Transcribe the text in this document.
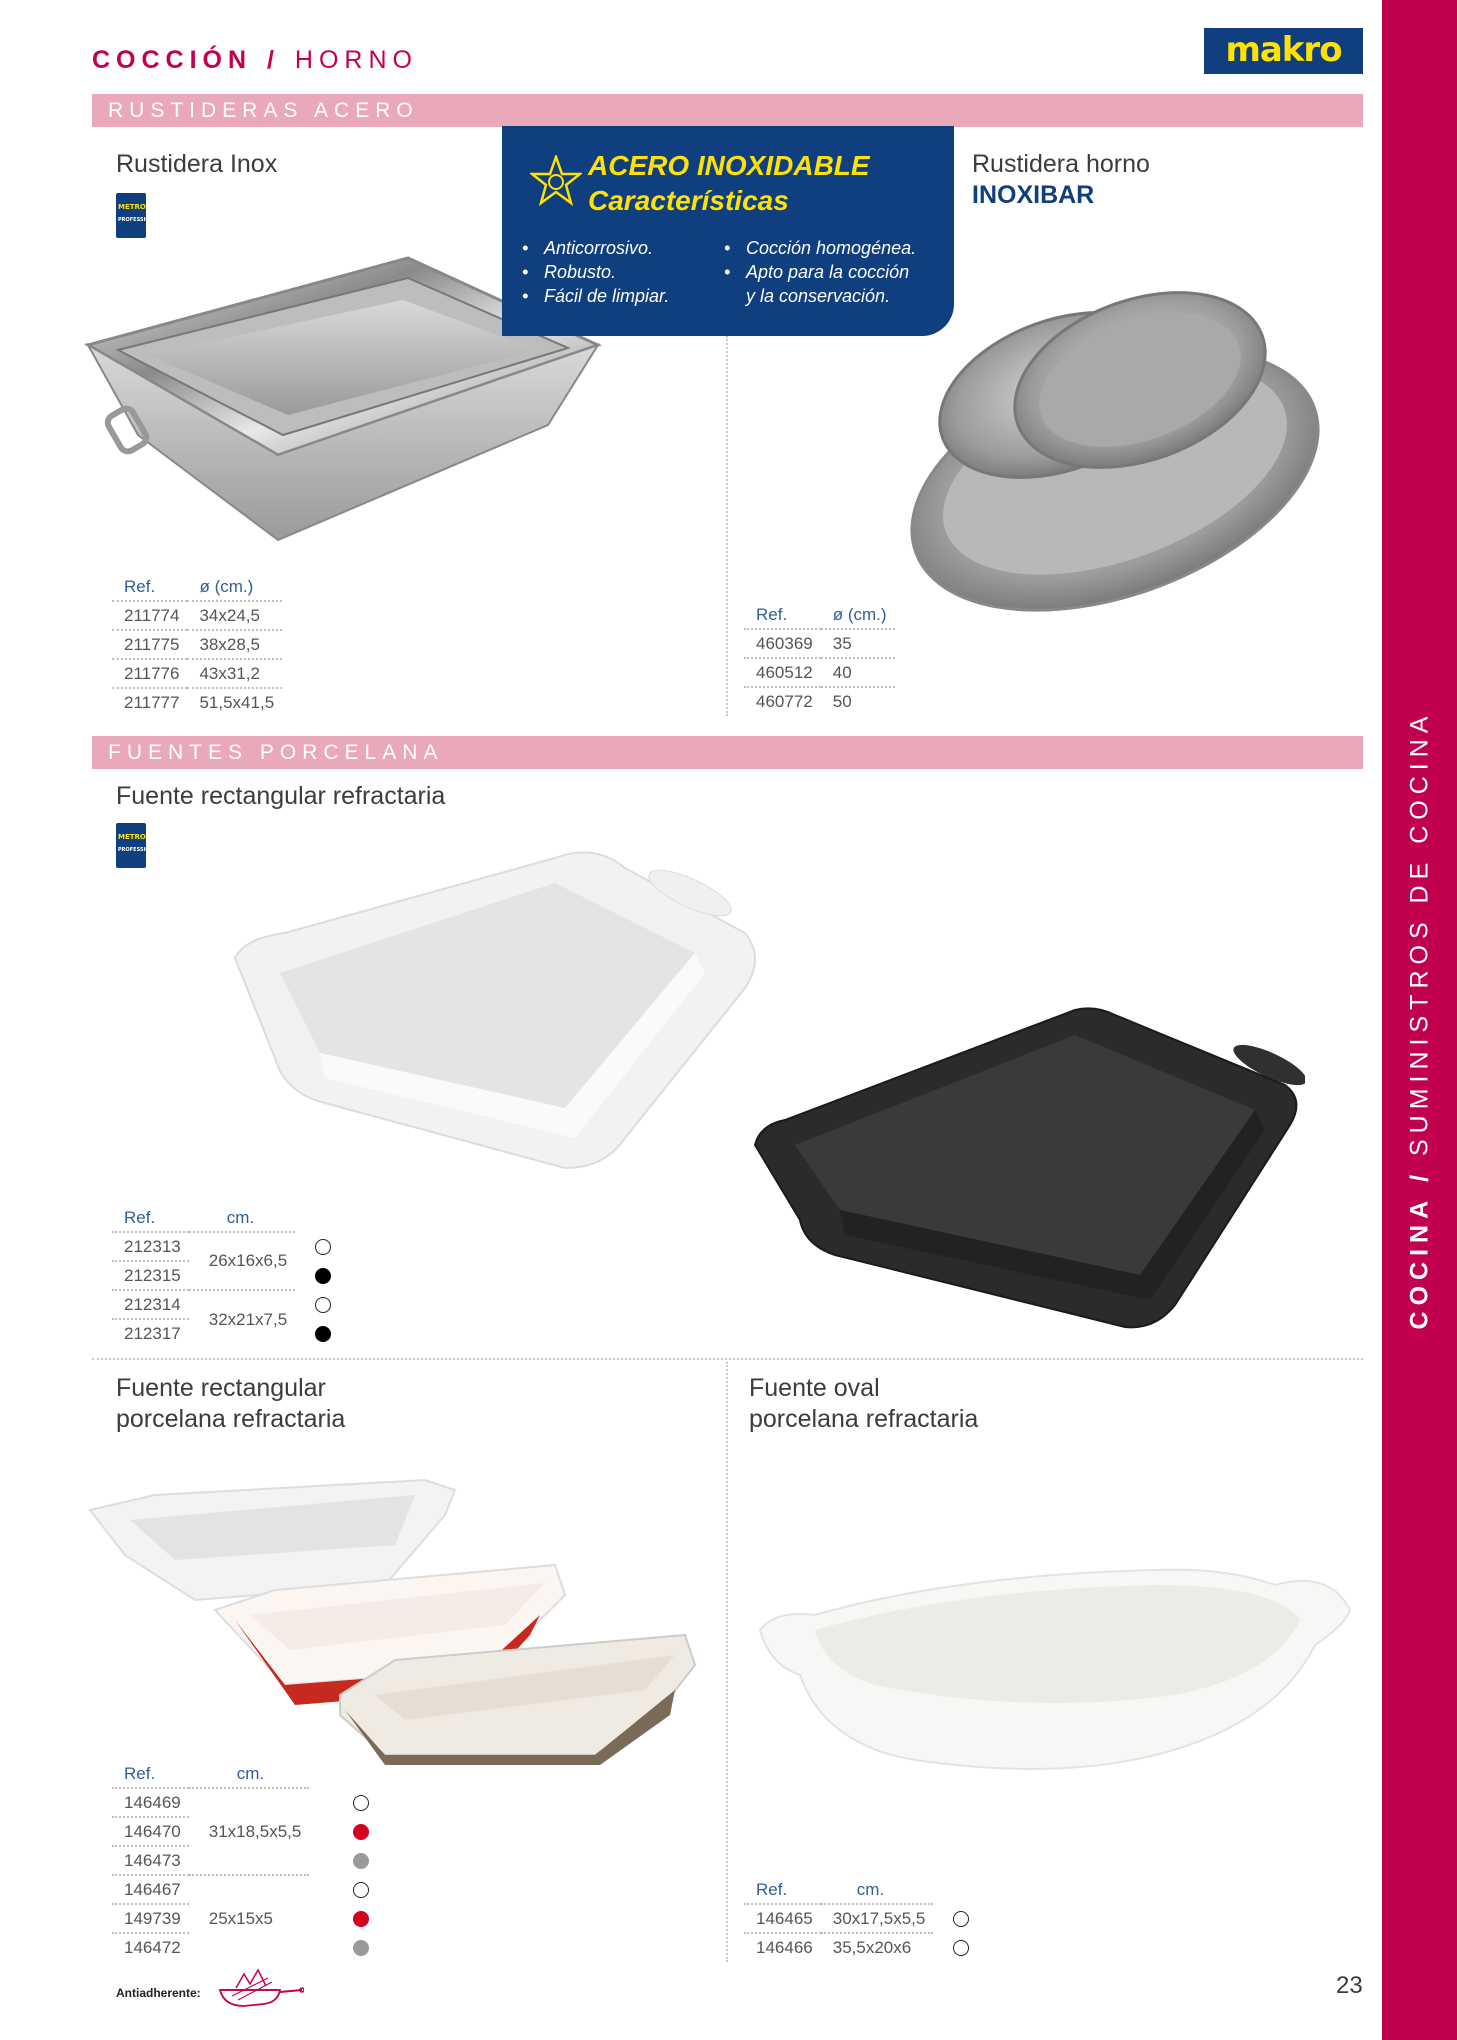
COCCIÓN / HORNO	makro
COCINA / SUMINISTROS DE COCINA
RUSTIDERAS ACERO
FUENTES PORCELANA
Rustidera Inox
METRO
PROFESSIONAL
Ref.	ø (cm.)
211774	34x24,5
211775	38x28,5
211776	43x31,2
211777	51,5x41,5
ACERO INOXIDABLE
Características
• Anticorrosivo.
• Robusto.
• Fácil de limpiar.
• Cocción homogénea.
• Apto para la cocción
y la conservación.
Rustidera horno
INOXIBAR
Ref.	ø (cm.)
460369	35
460512	40
460772	50
Fuente rectangular refractaria
METRO
PROFESSIONAL
Ref.	cm.	
212313	26x16x6,5	
212315		
212314	32x21x7,5	
212317		
Fuente rectangular
porcelana refractaria
Ref.	cm.	
146469	31x18,5x5,5	
146470		
146473		
146467	25x15x5	
149739		
146472		
Antiadherente:
Fuente oval
porcelana refractaria
Ref.	cm.	
146465	30x17,5x5,5	
146466	35,5x20x6	
23
